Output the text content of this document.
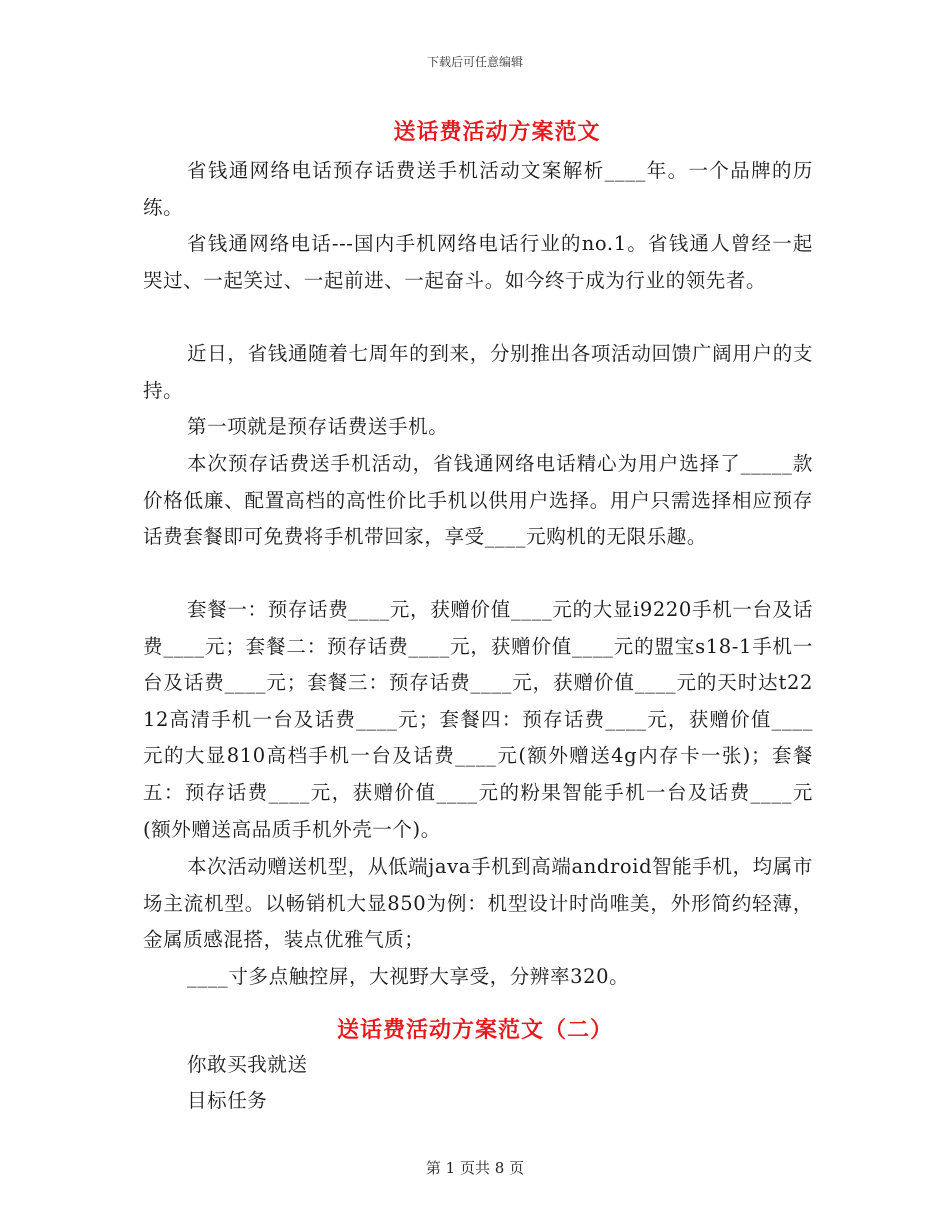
下载后可任意编辑
送话费活动方案范文

省钱通网络电话预存话费送手机活动文案解析____年。一个品牌的历练。

省钱通网络电话---国内手机网络电话行业的no.1。省钱通人曾经一起哭过、一起笑过、一起前进、一起奋斗。如今终于成为行业的领先者。

近日，省钱通随着七周年的到来，分别推出各项活动回馈广阔用户的支持。

第一项就是预存话费送手机。

本次预存话费送手机活动，省钱通网络电话精心为用户选择了_____款价格低廉、配置高档的高性价比手机以供用户选择。用户只需选择相应预存话费套餐即可免费将手机带回家，享受____元购机的无限乐趣。

套餐一：预存话费____元，获赠价值____元的大显i9220手机一台及话费____元；套餐二：预存话费____元，获赠价值____元的盟宝s18-1手机一台及话费____元；套餐三：预存话费____元，获赠价值____元的天时达t2212高清手机一台及话费____元；套餐四：预存话费____元，获赠价值____元的大显810高档手机一台及话费____元(额外赠送4g内存卡一张)；套餐五：预存话费____元，获赠价值____元的粉果智能手机一台及话费____元(额外赠送高品质手机外壳一个)。

本次活动赠送机型，从低端java手机到高端android智能手机，均属市场主流机型。以畅销机大显850为例：机型设计时尚唯美，外形简约轻薄，金属质感混搭，装点优雅气质；

____寸多点触控屏，大视野大享受，分辨率320。

送话费活动方案范文（二）

你敢买我就送

目标任务

第 1 页共 8 页
